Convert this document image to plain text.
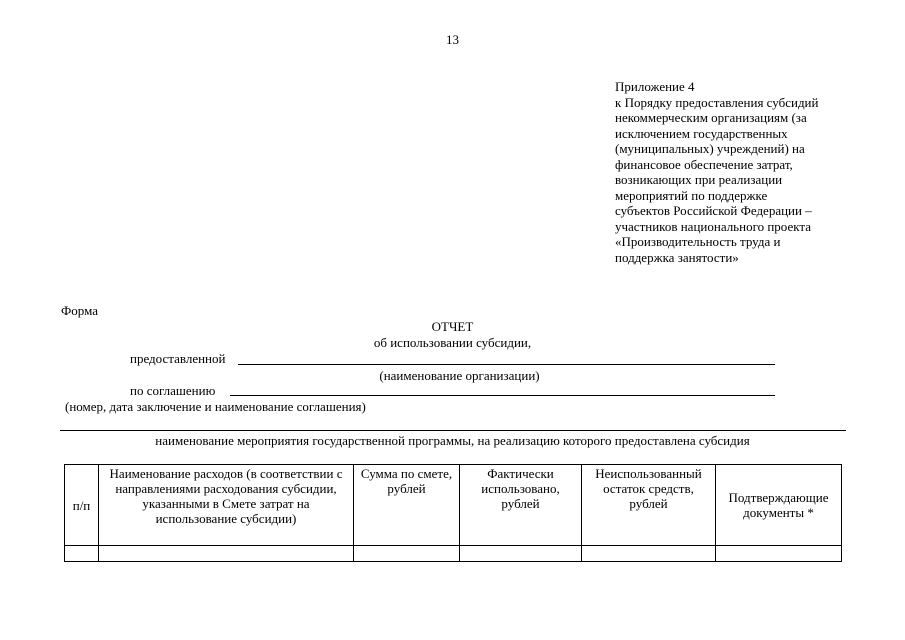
13
Приложение 4
к Порядку предоставления субсидий
некоммерческим организациям (за
исключением государственных
(муниципальных) учреждений) на
финансовое обеспечение затрат,
возникающих при реализации
мероприятий по поддержке
субъектов Российской Федерации –
участников национального проекта
«Производительность труда и
поддержка занятости»
Форма
ОТЧЕТ
об использовании субсидии,
предоставленной
(наименование организации)
по соглашению
(номер, дата заключение и наименование соглашения)
наименование мероприятия государственной программы, на реализацию которого предоставлена субсидия
п/п	Наименование расходов (в соответствии с направлениями расходования субсидии, указанными в Смете затрат на использование субсидии)	Сумма по смете, рублей	Фактически использовано, рублей	Неиспользованный остаток средств, рублей	Подтверждающие документы *
